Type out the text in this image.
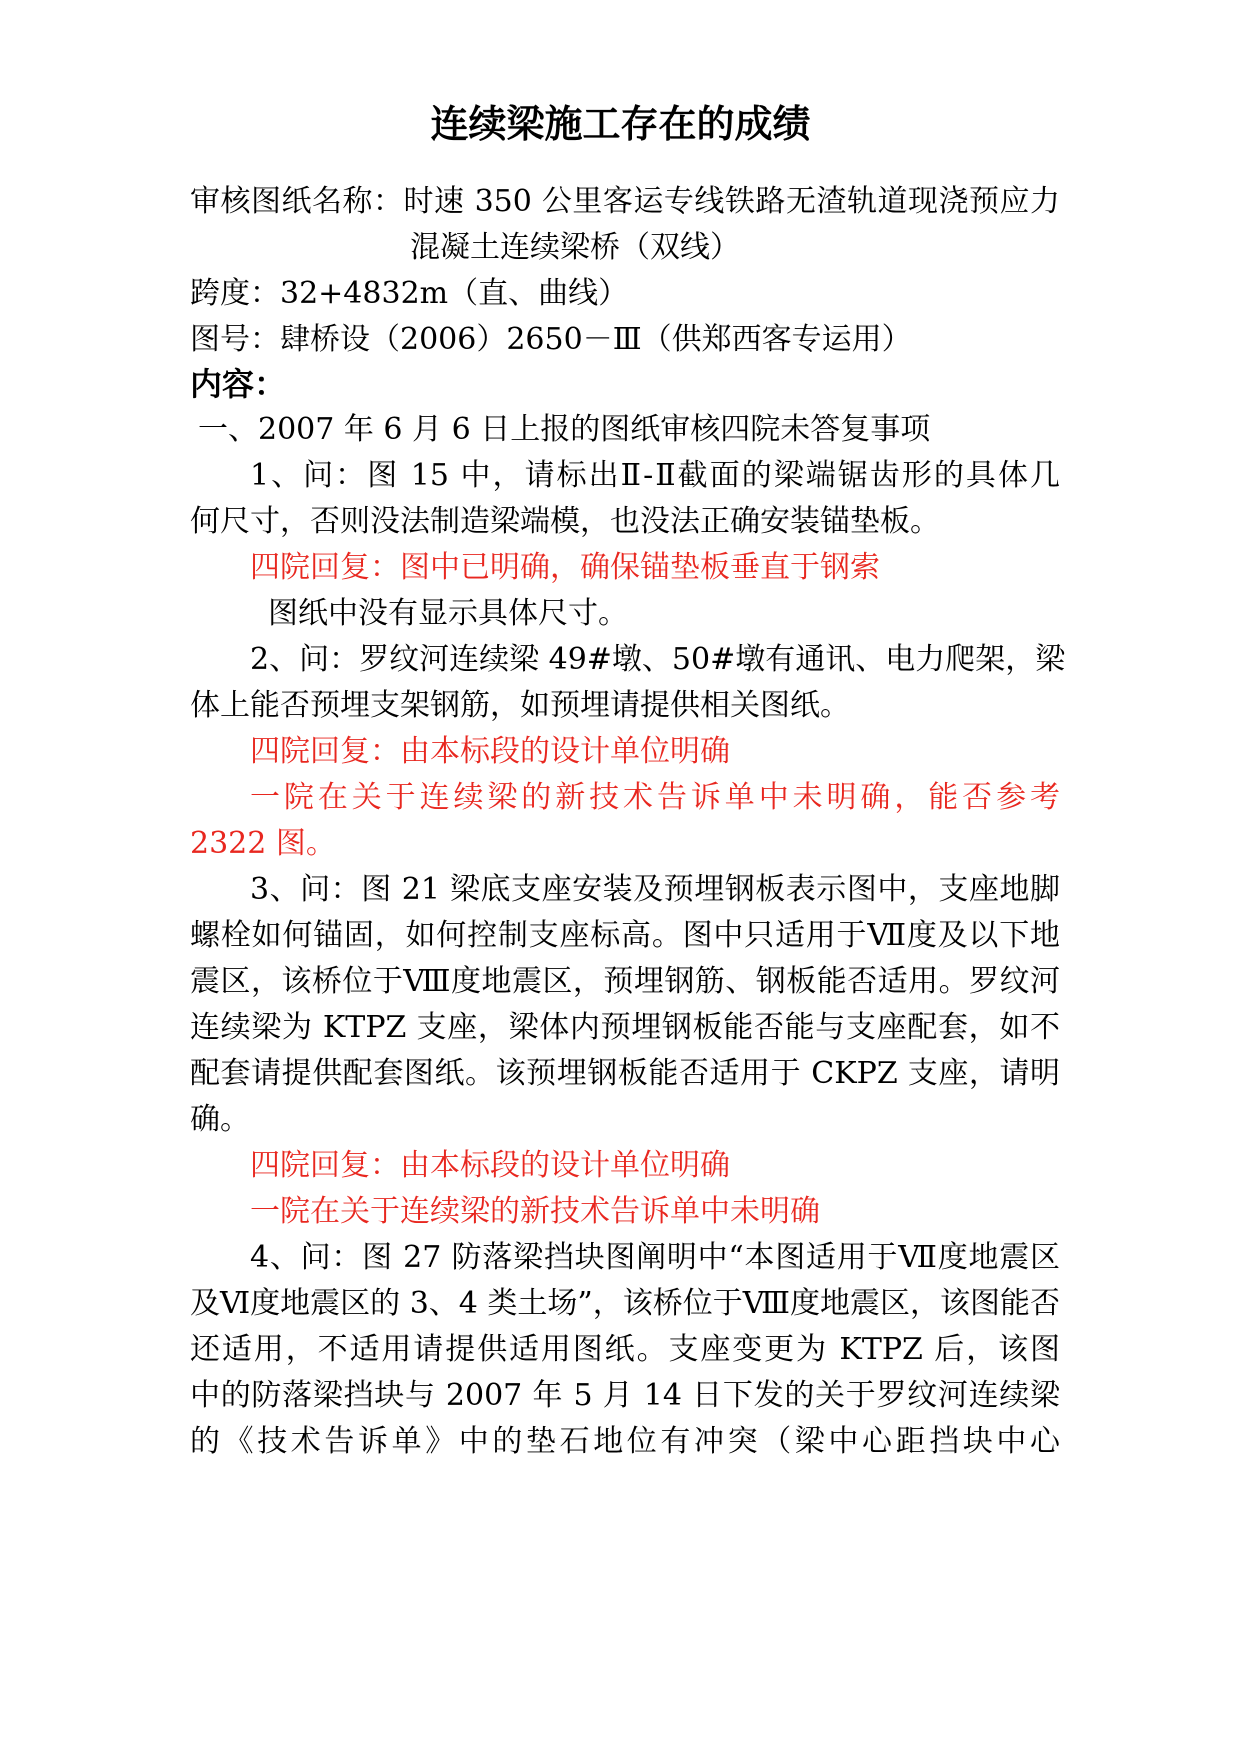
连续梁施工存在的成绩
审核图纸名称：时速 350 公里客运专线铁路无渣轨道现浇预应力
混凝土连续梁桥（双线）
跨度：32+4832m（直、曲线）
图号：肆桥设（2006）2650－Ⅲ（供郑西客专运用）
内容：
一、2007 年 6 月 6 日上报的图纸审核四院未答复事项
1、问：图 15 中，请标出Ⅱ-Ⅱ截面的梁端锯齿形的具体几
何尺寸，否则没法制造梁端模，也没法正确安装锚垫板。
四院回复：图中已明确，确保锚垫板垂直于钢索
图纸中没有显示具体尺寸。
2、问：罗纹河连续梁 49#墩、50#墩有通讯、电力爬架，梁
体上能否预埋支架钢筋，如预埋请提供相关图纸。
四院回复：由本标段的设计单位明确
一院在关于连续梁的新技术告诉单中未明确，能否参考
2322 图。
3、问：图 21 梁底支座安装及预埋钢板表示图中，支座地脚
螺栓如何锚固，如何控制支座标高。图中只适用于Ⅶ度及以下地
震区，该桥位于Ⅷ度地震区，预埋钢筋、钢板能否适用。罗纹河
连续梁为 KTPZ 支座，梁体内预埋钢板能否能与支座配套，如不
配套请提供配套图纸。该预埋钢板能否适用于 CKPZ 支座，请明
确。
四院回复：由本标段的设计单位明确
一院在关于连续梁的新技术告诉单中未明确
4、问：图 27 防落梁挡块图阐明中“本图适用于Ⅶ度地震区
及Ⅵ度地震区的 3、4 类土场”，该桥位于Ⅷ度地震区，该图能否
还适用，不适用请提供适用图纸。支座变更为 KTPZ 后，该图
中的防落梁挡块与 2007 年 5 月 14 日下发的关于罗纹河连续梁
的《技术告诉单》中的垫石地位有冲突（梁中心距挡块中心
